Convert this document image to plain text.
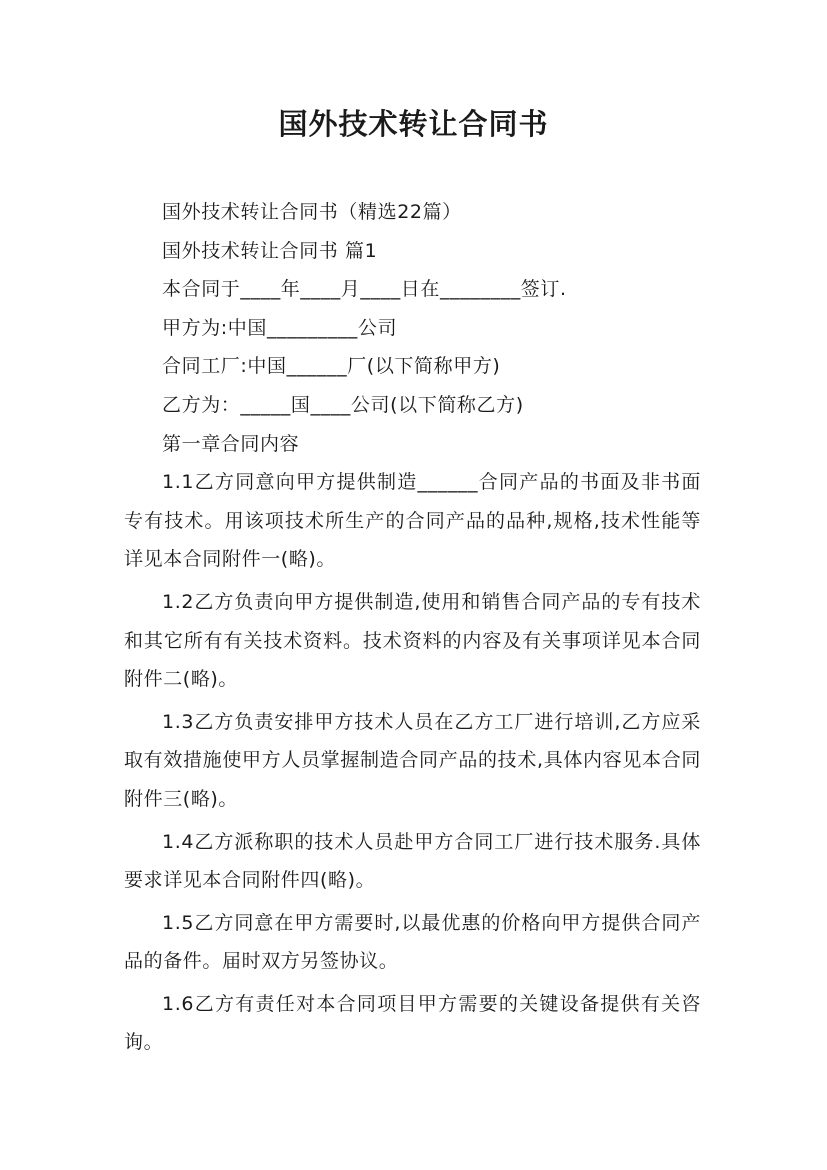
国外技术转让合同书

国外技术转让合同书（精选22篇）

国外技术转让合同书 篇1

本合同于____年____月____日在________签订.

甲方为:中国_________公司

合同工厂:中国______厂(以下简称甲方)

乙方为：_____国____公司(以下简称乙方)

第一章合同内容

1.1乙方同意向甲方提供制造______合同产品的书面及非书面专有技术。用该项技术所生产的合同产品的品种,规格,技术性能等详见本合同附件一(略)。

1.2乙方负责向甲方提供制造,使用和销售合同产品的专有技术和其它所有有关技术资料。技术资料的内容及有关事项详见本合同附件二(略)。

1.3乙方负责安排甲方技术人员在乙方工厂进行培训,乙方应采取有效措施使甲方人员掌握制造合同产品的技术,具体内容见本合同附件三(略)。

1.4乙方派称职的技术人员赴甲方合同工厂进行技术服务.具体要求详见本合同附件四(略)。

1.5乙方同意在甲方需要时,以最优惠的价格向甲方提供合同产品的备件。届时双方另签协议。

1.6乙方有责任对本合同项目甲方需要的关键设备提供有关咨询。
